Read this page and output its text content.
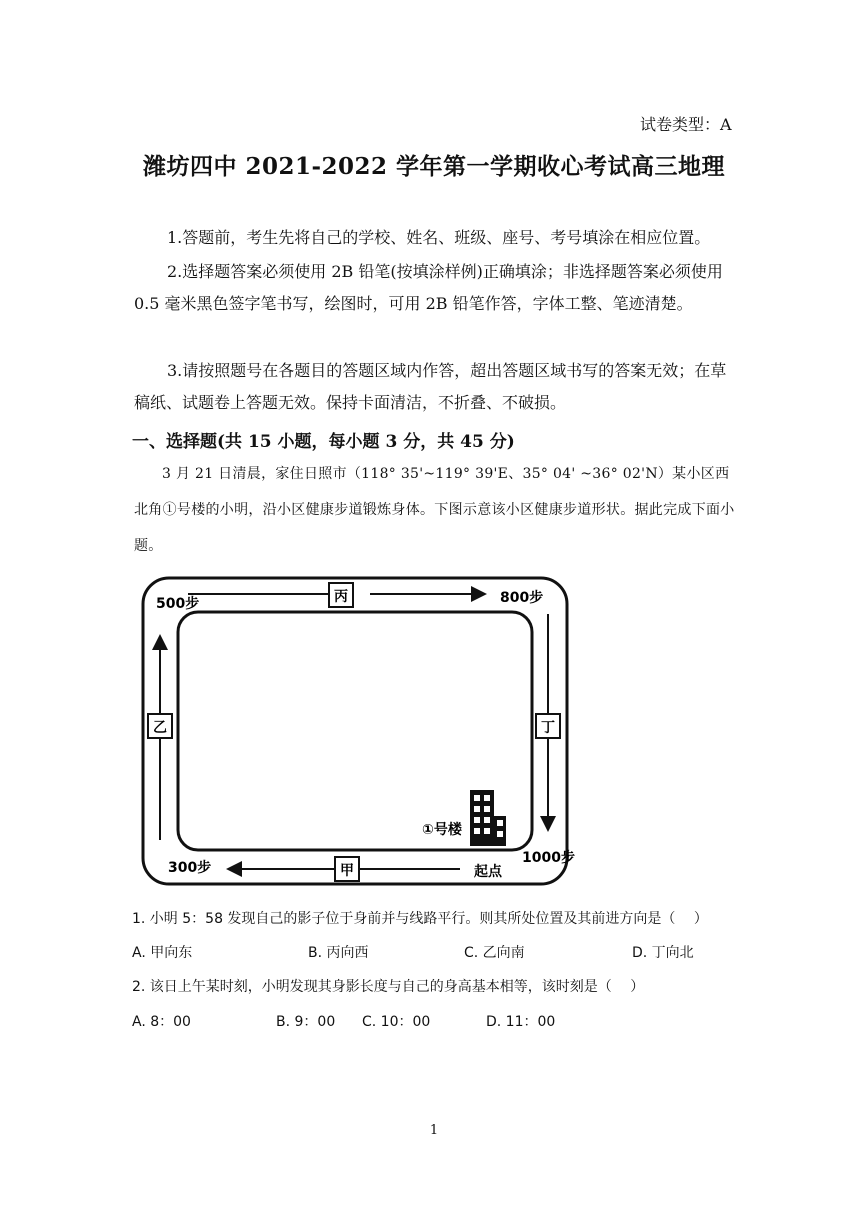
试卷类型：A
潍坊四中 2021-2022 学年第一学期收心考试高三地理
1.答题前，考生先将自己的学校、姓名、班级、座号、考号填涂在相应位置。
2.选择题答案必须使用 2B 铅笔(按填涂样例)正确填涂；非选择题答案必须使用 0.5 毫米黑色签字笔书写，绘图时，可用 2B 铅笔作答，字体工整、笔迹清楚。
3.请按照题号在各题目的答题区域内作答，超出答题区域书写的答案无效；在草稿纸、试题卷上答题无效。保持卡面清洁，不折叠、不破损。
一、选择题(共 15 小题，每小题 3 分，共 45 分)
3 月 21 日清晨，家住日照市（118° 35'~119° 39'E、35° 04' ~36° 02'N）某小区西北角①号楼的小明，沿小区健康步道锻炼身体。下图示意该小区健康步道形状。据此完成下面小题。
丙
乙	丁
甲
500步	800步
1000步
300步	起点
①号楼
1. 小明 5：58 发现自己的影子位于身前并与线路平行。则其所处位置及其前进方向是（　 ）
A. 甲向东	B. 丙向西	C. 乙向南	D. 丁向北
2. 该日上午某时刻，小明发现其身影长度与自己的身高基本相等，该时刻是（　 ）
A. 8：00	B. 9：00 C. 10：00	D. 11：00
1
